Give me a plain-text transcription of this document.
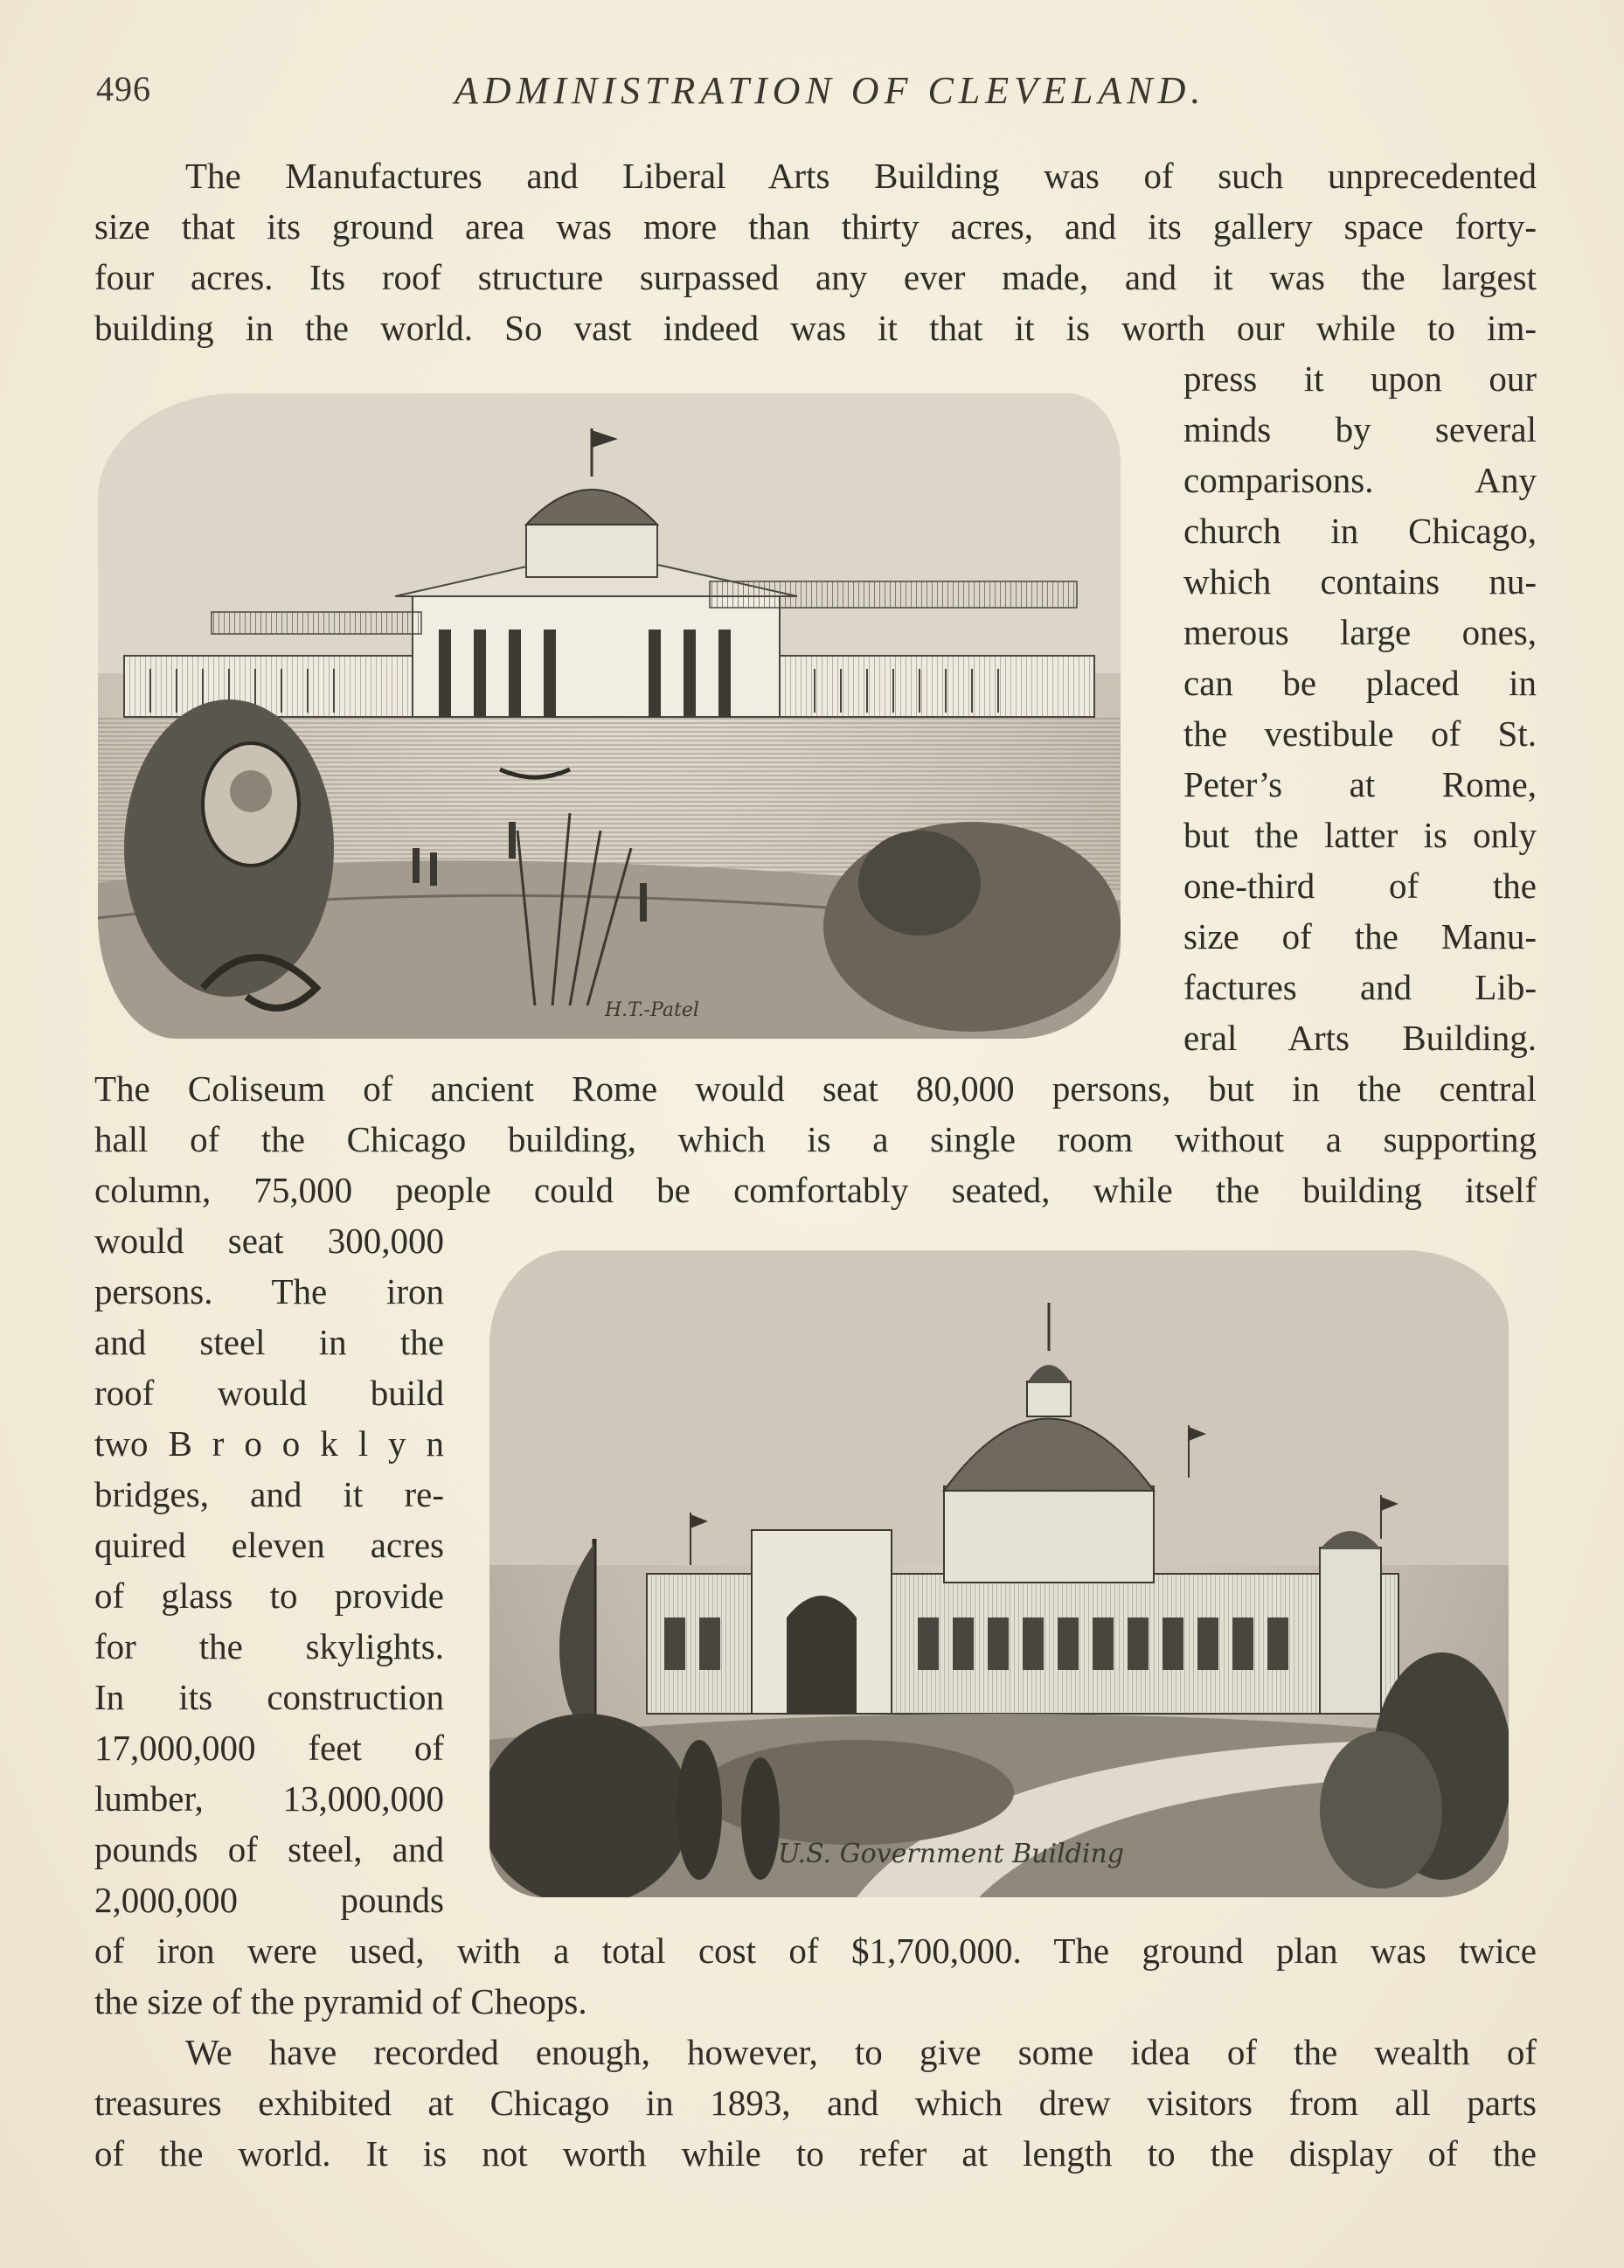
496	ADMINISTRATION OF CLEVELAND.
The Manufactures and Liberal Arts Building was of such unprecedented
size that its ground area was more than thirty acres, and its gallery space forty-
four acres. Its roof structure surpassed any ever made, and it was the largest
building in the world. So vast indeed was it that it is worth our while to im-
press it upon our
minds by several
comparisons. Any
church in Chicago,
which contains nu-
merous large ones,
can be placed in
the vestibule of St.
Peter’s at Rome,
but the latter is only
one-third of the
size of the Manu-
factures and Lib-
eral Arts Building.
H.T.-Patel
The Coliseum of ancient Rome would seat 80,000 persons, but in the central
hall of the Chicago building, which is a single room without a supporting
column, 75,000 people could be comfortably seated, while the building itself
would seat 300,000
persons. The iron
and steel in the
roof would build
two B r o o k l y n
bridges, and it re-
quired eleven acres
of glass to provide
for the skylights.
In its construction
17,000,000 feet of
lumber, 13,000,000
pounds of steel, and
2,000,000 pounds
U.S. Government Building
of iron were used, with a total cost of $1,700,000. The ground plan was twice
the size of the pyramid of Cheops.
We have recorded enough, however, to give some idea of the wealth of
treasures exhibited at Chicago in 1893, and which drew visitors from all parts
of the world. It is not worth while to refer at length to the display of the
